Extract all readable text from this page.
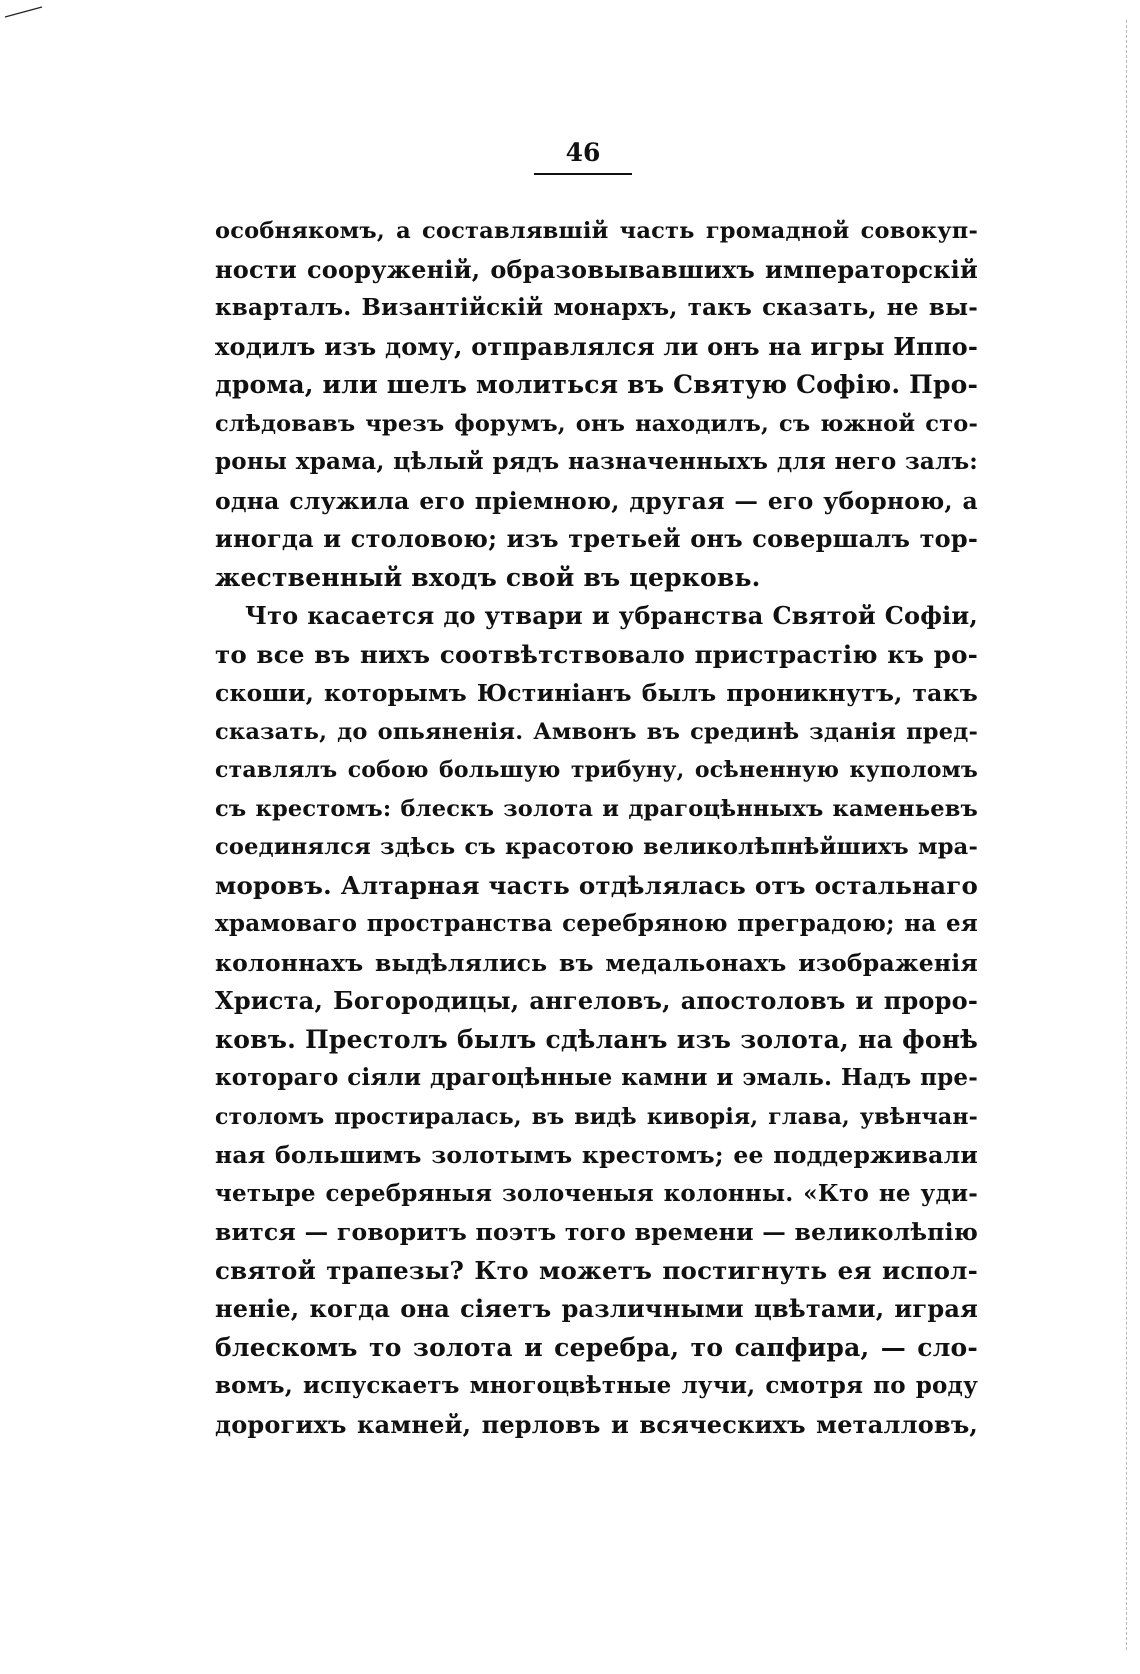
46
особнякомъ, а составлявшій часть громадной совокуп-
ности сооруженій, образовывавшихъ императорскій
кварталъ. Византійскій монархъ, такъ сказать, не вы-
ходилъ изъ дому, отправлялся ли онъ на игры Иппо-
дрома, или шелъ молиться въ Святую Софію. Про-
слѣдовавъ чрезъ форумъ, онъ находилъ, съ южной сто-
роны храма, цѣлый рядъ назначенныхъ для него залъ:
одна служила его пріемною, другая — его уборною, а
иногда и столовою; изъ третьей онъ совершалъ тор-
жественный входъ свой въ церковь.
Что касается до утвари и убранства Святой Софіи,
то все въ нихъ соотвѣтствовало пристрастію къ ро-
скоши, которымъ Юстиніанъ былъ проникнутъ, такъ
сказать, до опьяненія. Амвонъ въ срединѣ зданія пред-
ставлялъ собою большую трибуну, осѣненную куполомъ
съ крестомъ: блескъ золота и драгоцѣнныхъ каменьевъ
соединялся здѣсь съ красотою великолѣпнѣйшихъ мра-
моровъ. Алтарная часть отдѣлялась отъ остальнаго
храмоваго пространства серебряною преградою; на ея
колоннахъ выдѣлялись въ медальонахъ изображенія
Христа, Богородицы, ангеловъ, апостоловъ и проро-
ковъ. Престолъ былъ сдѣланъ изъ золота, на фонѣ
котораго сіяли драгоцѣнные камни и эмаль. Надъ пре-
столомъ простиралась, въ видѣ киворія, глава, увѣнчан-
ная большимъ золотымъ крестомъ; ее поддерживали
четыре серебряныя золоченыя колонны. «Кто не уди-
вится — говоритъ поэтъ того времени — великолѣпію
святой трапезы? Кто можетъ постигнуть ея испол-
неніе, когда она сіяетъ различными цвѣтами, играя
блескомъ то золота и серебра, то сапфира, — сло-
вомъ, испускаетъ многоцвѣтные лучи, смотря по роду
дорогихъ камней, перловъ и всяческихъ металловъ,
